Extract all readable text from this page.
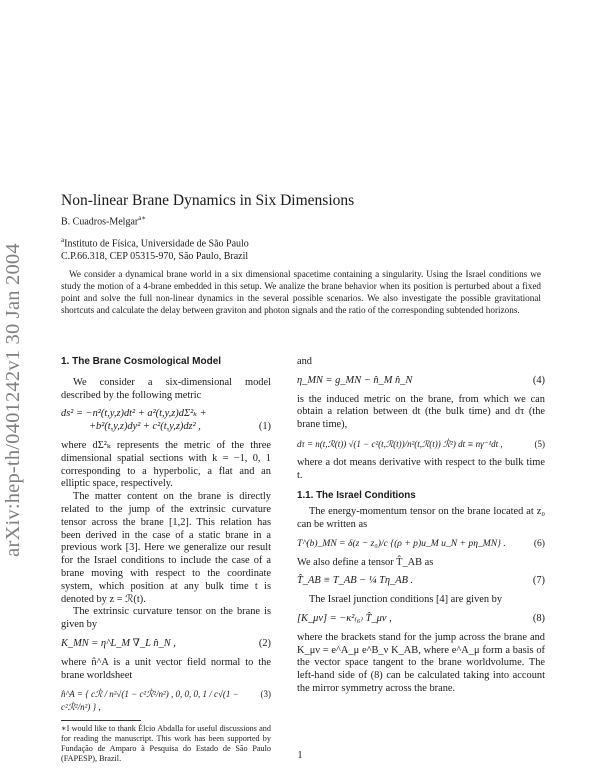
arXiv:hep-th/0401242v1 30 Jan 2004
Non-linear Brane Dynamics in Six Dimensions
B. Cuadros-Melgar$^{a∗}$
$^a$Instituto de Física, Universidade de São Paulo
C.P.66.318, CEP 05315-970, São Paulo, Brazil

We consider a dynamical brane world in a six dimensional spacetime containing a singularity. Using the Israel conditions we study the motion of a 4-brane embedded in this setup. We analize the brane behavior when its position is perturbed about a fixed point and solve the full non-linear dynamics in the several possible scenarios. We also investigate the possible gravitational shortcuts and calculate the delay between graviton and photon signals and the ratio of the corresponding subtended horizons.

1. The Brane Cosmological Model

We consider a six-dimensional model described by the following metric

ds² = −n²(t,y,z)dt² + a²(t,y,z)dΣ²ₖ +
+b²(t,y,z)dy² + c²(t,y,z)dz² ,	(1)

where dΣ²ₖ represents the metric of the three dimensional spatial sections with k = −1, 0, 1 corresponding to a hyperbolic, a flat and an elliptic space, respectively.

The matter content on the brane is directly related to the jump of the extrinsic curvature tensor across the brane [1,2]. This relation has been derived in the case of a static brane in a previous work [3]. Here we generalize our result for the Israel conditions to include the case of a brane moving with respect to the coordinate system, which position at any bulk time t is denoted by z = ℛ(t).

The extrinsic curvature tensor on the brane is given by

K_MN = η^L_M ∇_L n̂_N ,	(2)

where n̂^A is a unit vector field normal to the brane worldsheet

n̂^A = { cℛ̇ / n²√(1 − c²ℛ̇²/n²) , 0, 0, 0, 1 / c√(1 − c²ℛ̇²/n²) } ,
(3)
∗I would like to thank Élcio Abdalla for useful discussions and for reading the manuscript. This work has been supported by Fundação de Amparo à Pesquisa do Estado de São Paulo (FAPESP), Brazil.

and

η_MN = g_MN − n̂_M n̂_N	(4)

is the induced metric on the brane, from which we can obtain a relation between dt (the bulk time) and dτ (the brane time),

dτ = n(t,ℛ(t)) √(1 − c²(t,ℛ(t))/n²(t,ℛ(t)) ℛ̇²) dt ≡ nγ⁻¹dt ,	(5)

where a dot means derivative with respect to the bulk time t.

1.1. The Israel Conditions

The energy-momentum tensor on the brane located at z₀ can be written as

T^(b)_MN = δ(z − z₀)/c {(ρ + p)u_M u_N + pη_MN} .	(6)

We also define a tensor T̂_AB as

T̂_AB ≡ T_AB − ¼ Tη_AB .	(7)

The Israel junction conditions [4] are given by

[K_μν] = −κ²₍₆₎ T̂_μν ,	(8)

where the brackets stand for the jump across the brane and K_μν = e^A_μ e^B_ν K_AB, where e^A_μ form a basis of the vector space tangent to the brane worldvolume. The left-hand side of (8) can be calculated taking into account the mirror symmetry across the brane.

1
